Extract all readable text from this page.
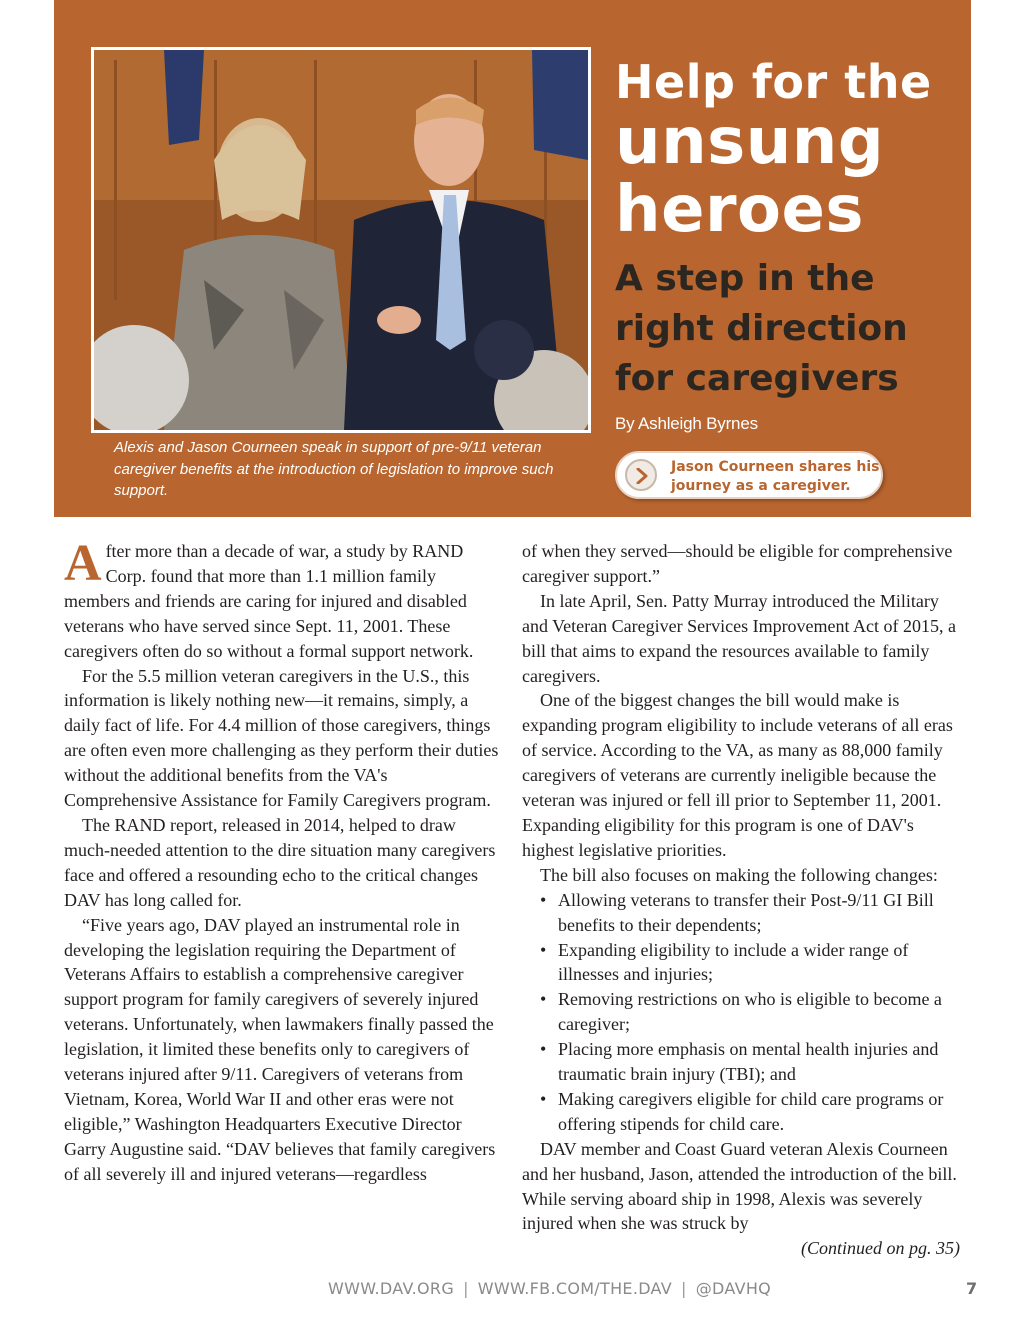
Alexis and Jason Courneen speak in support of pre-9/11 veteran caregiver benefits at the introduction of legislation to improve such support.
Help for the
unsung
heroes
A step in the right direction for caregivers
By Ashleigh Byrnes
Jason Courneen shares his journey as a caregiver.

After more than a decade of war, a study by RAND Corp. found that more than 1.1 million family members and friends are caring for injured and disabled veterans who have served since Sept. 11, 2001. These caregivers often do so without a formal support network.

For the 5.5 million veteran caregivers in the U.S., this information is likely nothing new—it remains, simply, a daily fact of life. For 4.4 million of those caregivers, things are often even more challenging as they perform their duties without the additional benefits from the VA's Comprehensive Assistance for Family Caregivers program.

The RAND report, released in 2014, helped to draw much-needed attention to the dire situation many caregivers face and offered a resounding echo to the critical changes DAV has long called for.

“Five years ago, DAV played an instrumental role in developing the legislation requiring the Department of Veterans Affairs to establish a comprehensive caregiver support program for family caregivers of severely injured veterans. Unfortunately, when lawmakers finally passed the legislation, it limited these benefits only to caregivers of veterans injured after 9/11. Caregivers of veterans from Vietnam, Korea, World War II and other eras were not eligible,” Washington Headquarters Executive Director Garry Augustine said. “DAV believes that family caregivers of all severely ill and injured veterans—regardless

of when they served—should be eligible for comprehensive caregiver support.”

In late April, Sen. Patty Murray introduced the Military and Veteran Caregiver Services Improvement Act of 2015, a bill that aims to expand the resources available to family caregivers.

One of the biggest changes the bill would make is expanding program eligibility to include veterans of all eras of service. According to the VA, as many as 88,000 family caregivers of veterans are currently ineligible because the veteran was injured or fell ill prior to September 11, 2001. Expanding eligibility for this program is one of DAV's highest legislative priorities.

The bill also focuses on making the following changes:

• Allowing veterans to transfer their Post-9/11 GI Bill benefits to their dependents;
• Expanding eligibility to include a wider range of illnesses and injuries;
• Removing restrictions on who is eligible to become a caregiver;
• Placing more emphasis on mental health injuries and traumatic brain injury (TBI); and
• Making caregivers eligible for child care programs or offering stipends for child care.

DAV member and Coast Guard veteran Alexis Courneen and her husband, Jason, attended the introduction of the bill. While serving aboard ship in 1998, Alexis was severely injured when she was struck by

(Continued on pg. 35)
WWW.DAV.ORG | WWW.FB.COM/THE.DAV | @DAVHQ	7
